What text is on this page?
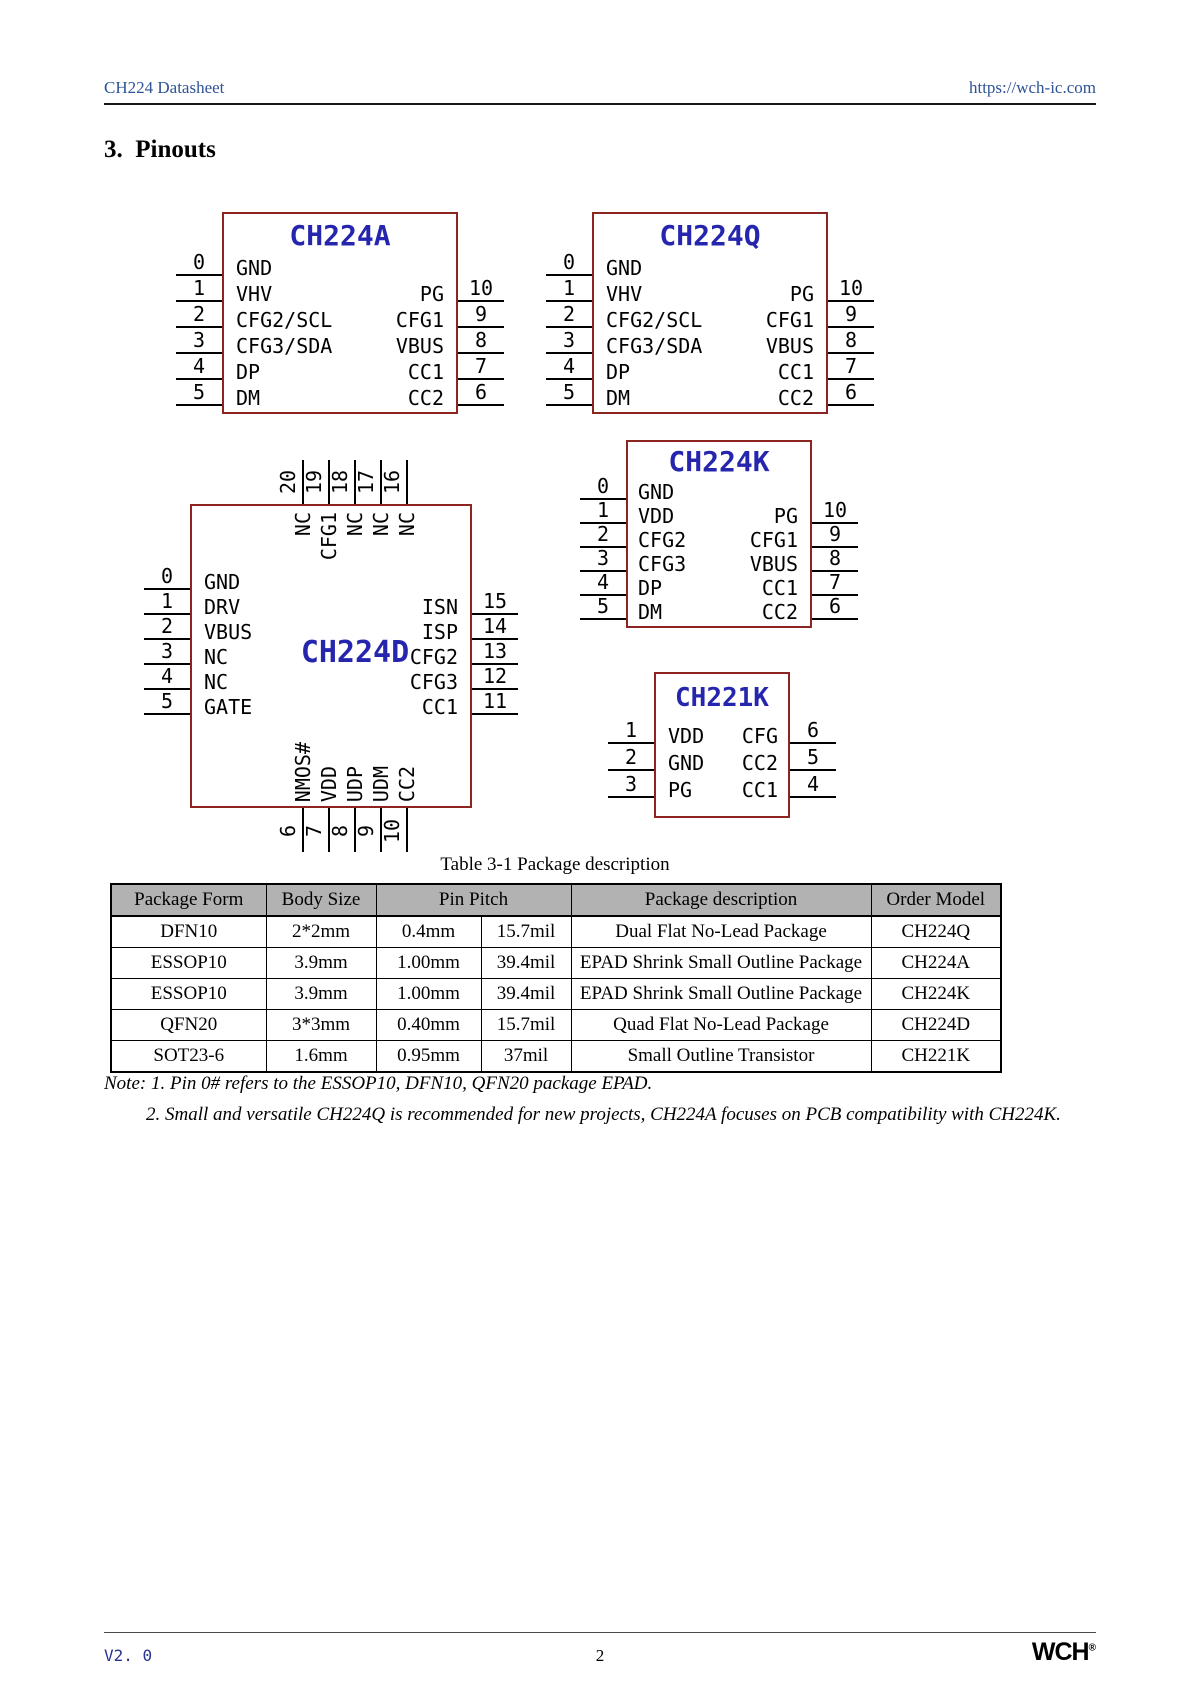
CH224 Datasheet	https://wch-ic.com
3.  Pinouts
CH224A
GND
VHV
CFG2/SCL
CFG3/SDA
DP
DM
PG
CFG1
VBUS
CC1
CC2
0
1
2
3
4
5
10
9
8
7
6
CH224Q
GND
VHV
CFG2/SCL
CFG3/SDA
DP
DM
PG
CFG1
VBUS
CC1
CC2
0
1
2
3
4
5
10
9
8
7
6
CH224D
20 19 18 17 16
NC CFG1 NC NC NC
GND
DRV
VBUS
NC
NC
GATE
0
1
2
3
4
5
ISN
ISP
CFG2
CFG3
CC1
15
14
13
12
11
6 7 8 9 10
NMOS# VDD UDP UDM CC2
CH224K
GND
VDD
CFG2
CFG3
DP
DM
PG
CFG1
VBUS
CC1
CC2
0
1
2
3
4
5
10
9
8
7
6
CH221K
VDD
GND
PG
CFG
CC2
CC1
1
2
3
6
5
4

Table 3-1 Package description

Package Form	Body Size	Pin Pitch		Package description	Order Model
DFN10	2*2mm	0.4mm	15.7mil	Dual Flat No-Lead Package	CH224Q
ESSOP10	3.9mm	1.00mm	39.4mil	EPAD Shrink Small Outline Package	CH224A
ESSOP10	3.9mm	1.00mm	39.4mil	EPAD Shrink Small Outline Package	CH224K
QFN20	3*3mm	0.40mm	15.7mil	Quad Flat No-Lead Package	CH224D
SOT23-6	1.6mm	0.95mm	37mil	Small Outline Transistor	CH221K

Note: 1. Pin 0# refers to the ESSOP10, DFN10, QFN20 package EPAD.

2. Small and versatile CH224Q is recommended for new projects, CH224A focuses on PCB compatibility with CH224K.

V2. 0	2	WCH®
